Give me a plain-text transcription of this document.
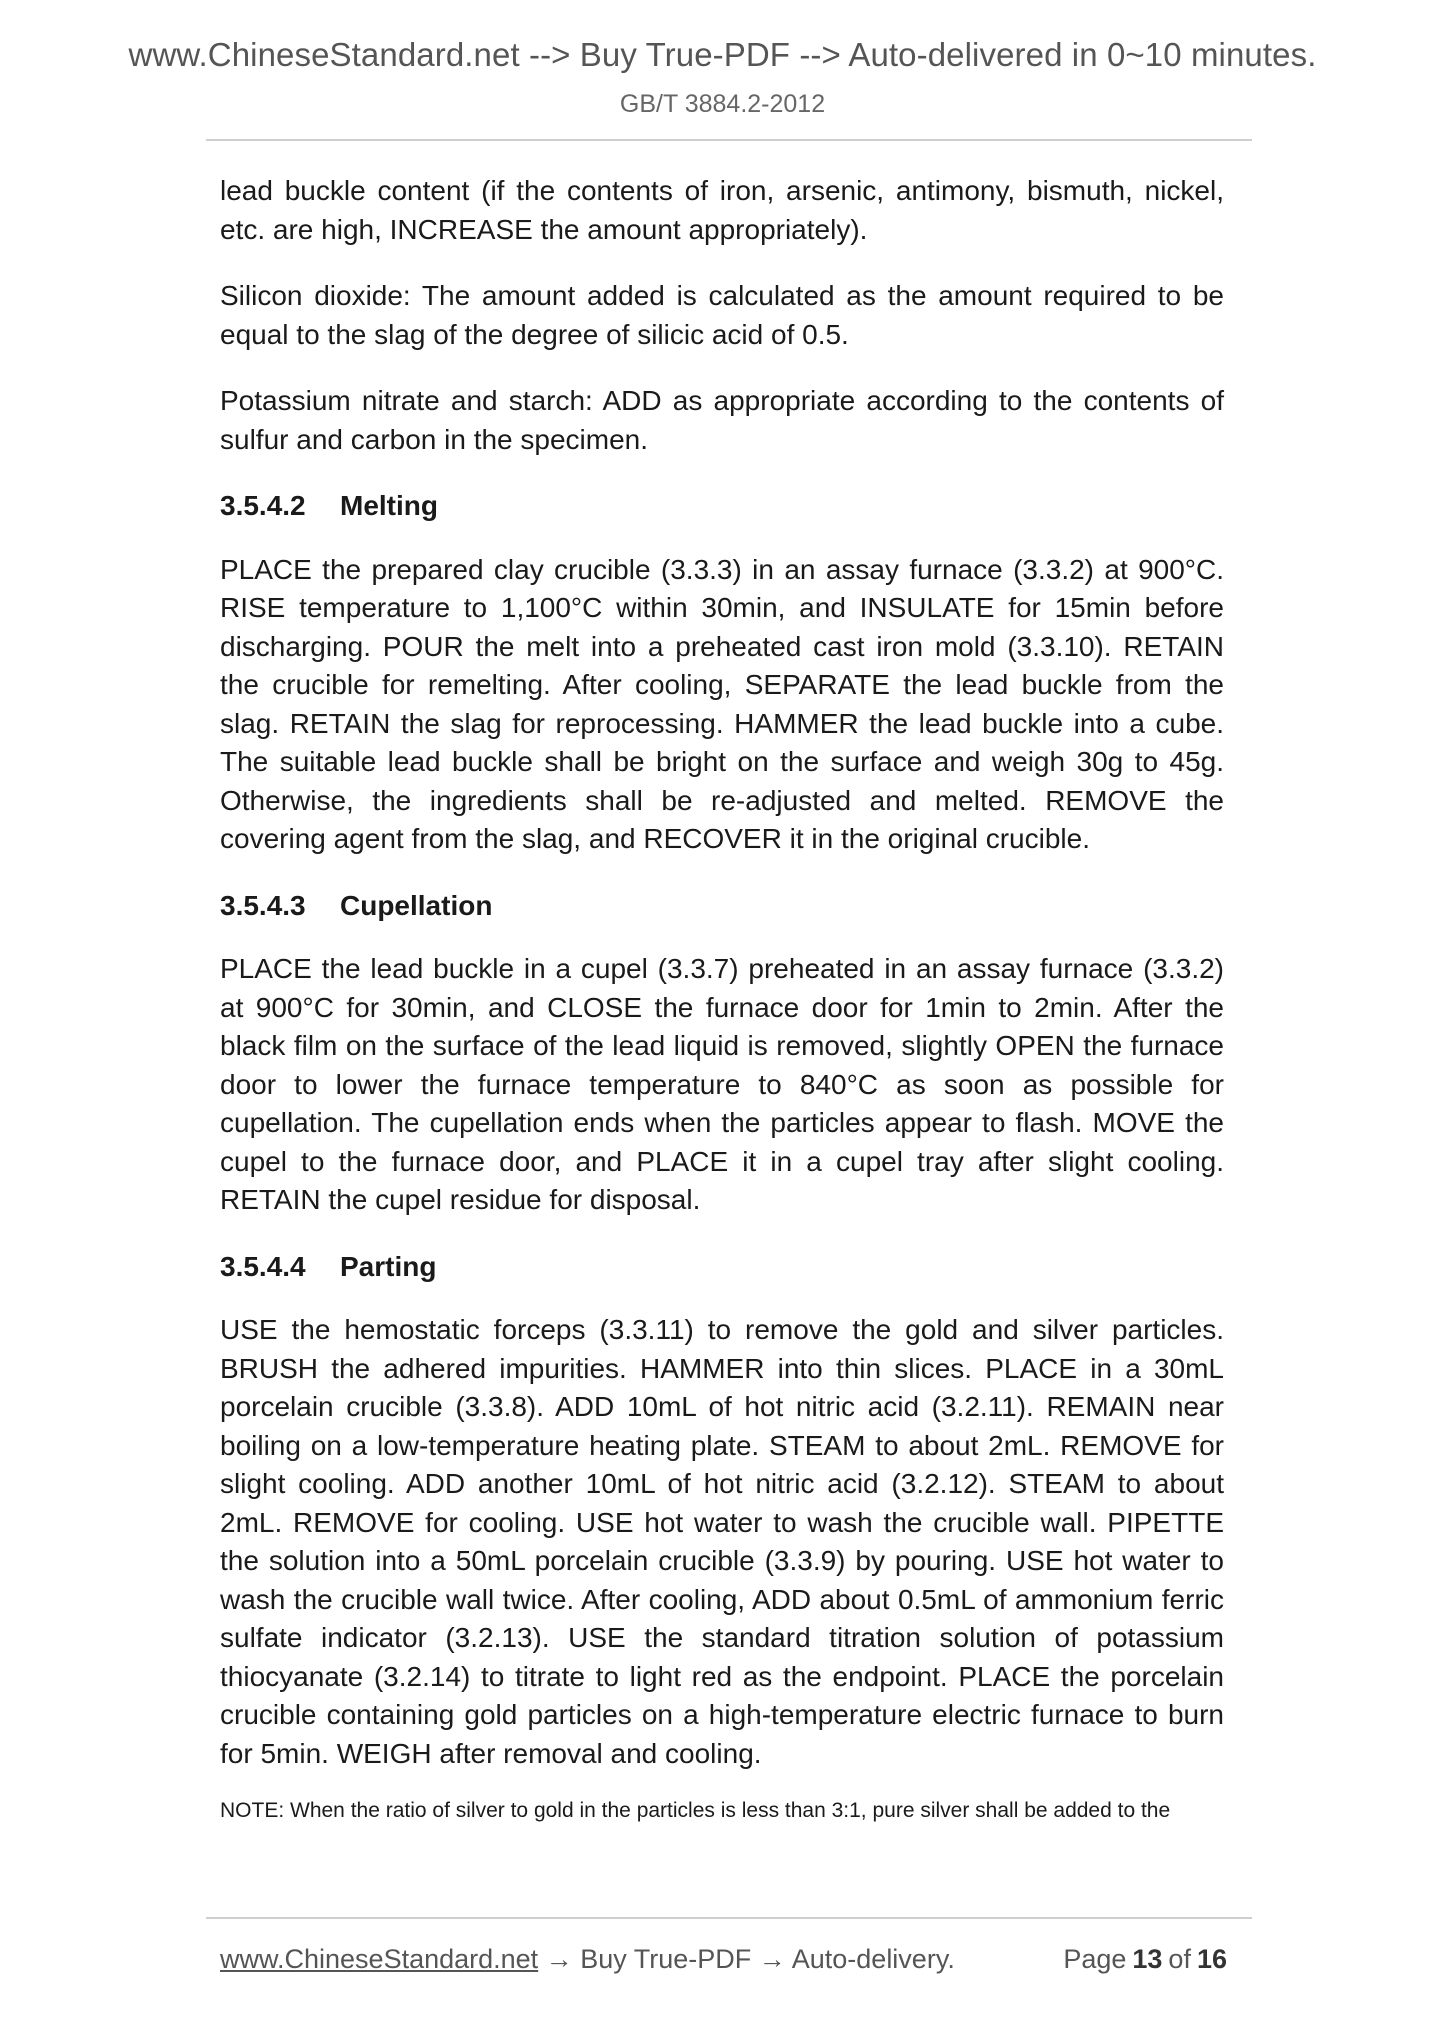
www.ChineseStandard.net --> Buy True-PDF --> Auto-delivered in 0~10 minutes.
GB/T 3884.2-2012

lead buckle content (if the contents of iron, arsenic, antimony, bismuth, nickel, etc. are high, INCREASE the amount appropriately).

Silicon dioxide: The amount added is calculated as the amount required to be equal to the slag of the degree of silicic acid of 0.5.

Potassium nitrate and starch: ADD as appropriate according to the contents of sulfur and carbon in the specimen.

3.5.4.2 Melting

PLACE the prepared clay crucible (3.3.3) in an assay furnace (3.3.2) at 900°C. RISE temperature to 1,100°C within 30min, and INSULATE for 15min before discharging. POUR the melt into a preheated cast iron mold (3.3.10). RETAIN the crucible for remelting. After cooling, SEPARATE the lead buckle from the slag. RETAIN the slag for reprocessing. HAMMER the lead buckle into a cube. The suitable lead buckle shall be bright on the surface and weigh 30g to 45g. Otherwise, the ingredients shall be re-adjusted and melted. REMOVE the covering agent from the slag, and RECOVER it in the original crucible.

3.5.4.3 Cupellation

PLACE the lead buckle in a cupel (3.3.7) preheated in an assay furnace (3.3.2) at 900°C for 30min, and CLOSE the furnace door for 1min to 2min. After the black film on the surface of the lead liquid is removed, slightly OPEN the furnace door to lower the furnace temperature to 840°C as soon as possible for cupellation. The cupellation ends when the particles appear to flash. MOVE the cupel to the furnace door, and PLACE it in a cupel tray after slight cooling. RETAIN the cupel residue for disposal.

3.5.4.4 Parting

USE the hemostatic forceps (3.3.11) to remove the gold and silver particles. BRUSH the adhered impurities. HAMMER into thin slices. PLACE in a 30mL porcelain crucible (3.3.8). ADD 10mL of hot nitric acid (3.2.11). REMAIN near boiling on a low-temperature heating plate. STEAM to about 2mL. REMOVE for slight cooling. ADD another 10mL of hot nitric acid (3.2.12). STEAM to about 2mL. REMOVE for cooling. USE hot water to wash the crucible wall. PIPETTE the solution into a 50mL porcelain crucible (3.3.9) by pouring. USE hot water to wash the crucible wall twice. After cooling, ADD about 0.5mL of ammonium ferric sulfate indicator (3.2.13). USE the standard titration solution of potassium thiocyanate (3.2.14) to titrate to light red as the endpoint. PLACE the porcelain crucible containing gold particles on a high-temperature electric furnace to burn for 5min. WEIGH after removal and cooling.

NOTE: When the ratio of silver to gold in the particles is less than 3:1, pure silver shall be added to the

www.ChineseStandard.net → Buy True-PDF → Auto-delivery.	Page 13 of 16
